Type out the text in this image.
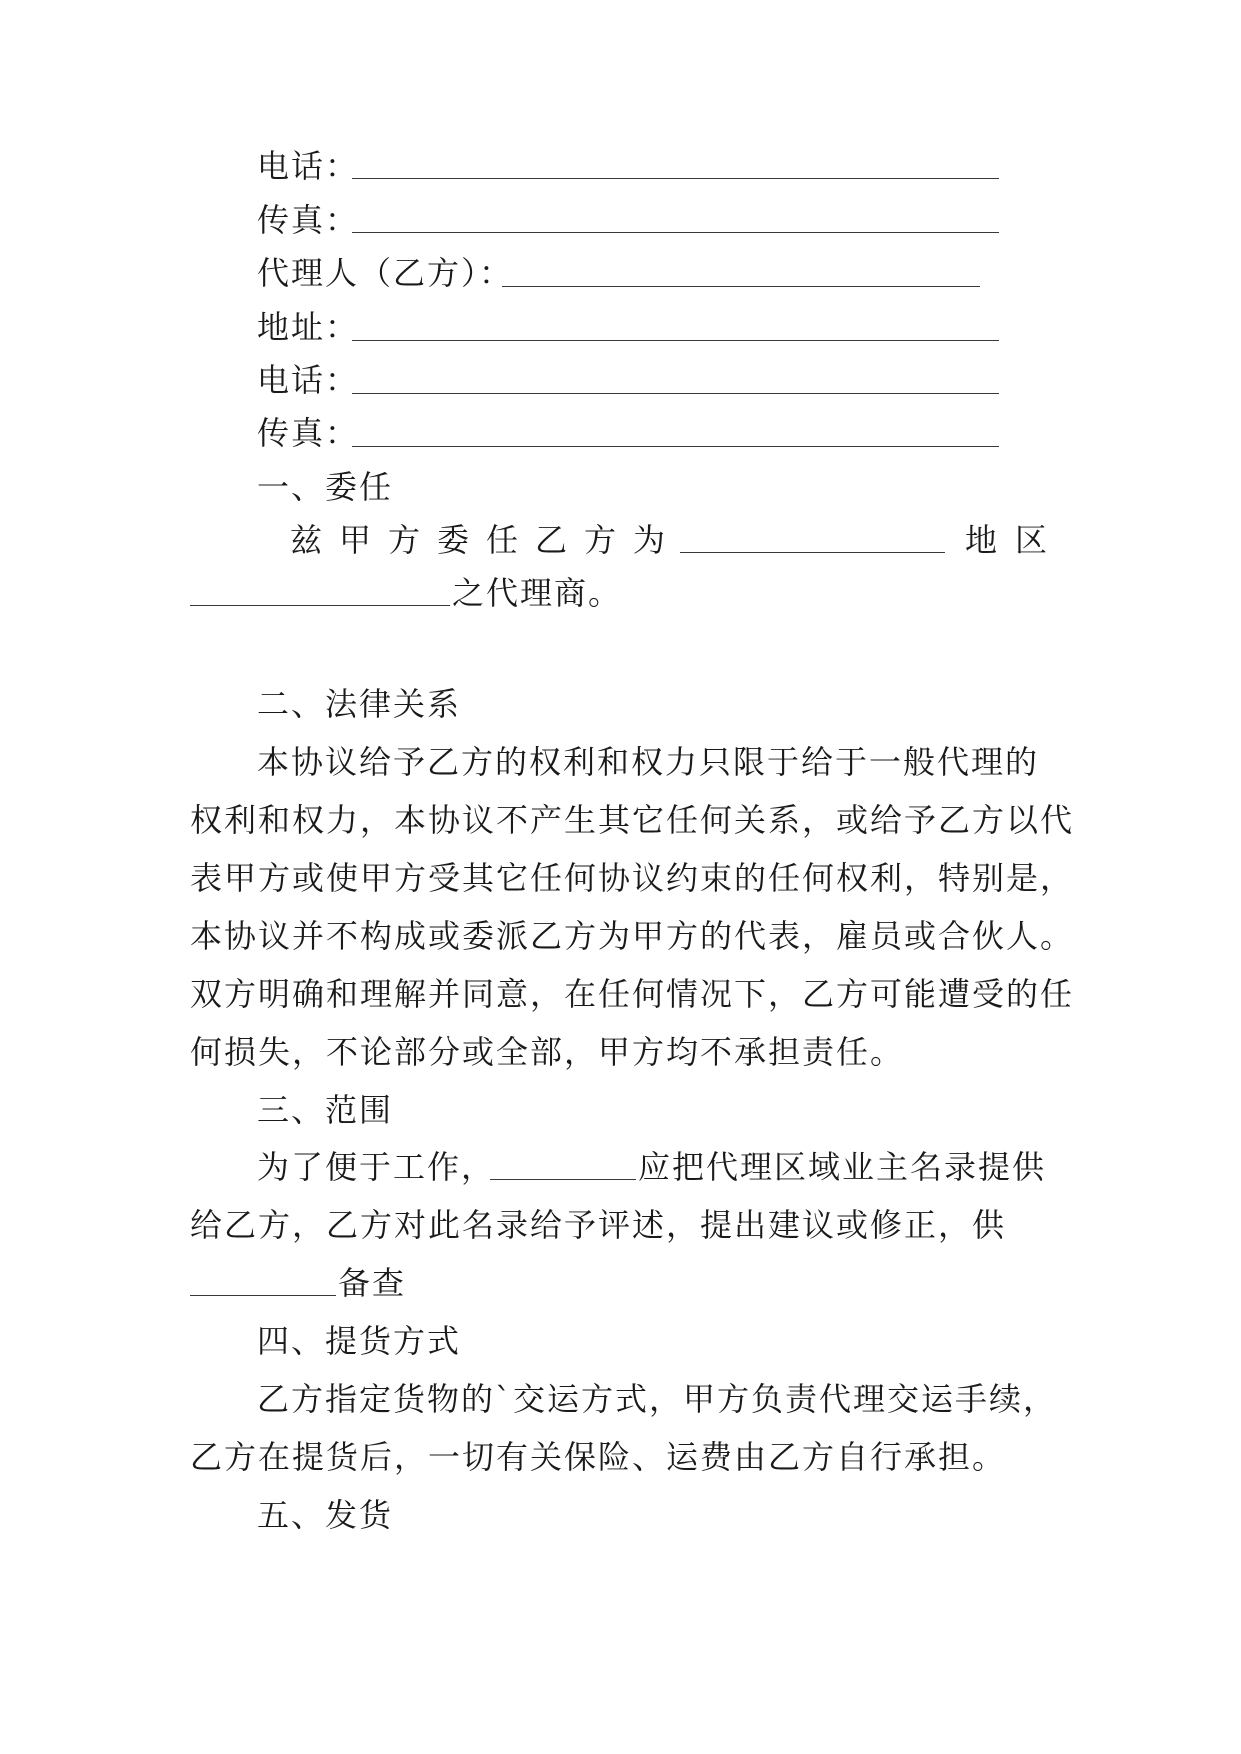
电话：
传真：
代理人（乙方）：
地址：
电话：
传真：
一、委任
兹 甲 方 委 任 乙 方 为	地 区
之代理商。
二、法律关系
本协议给予乙方的权利和权力只限于给于一般代理的
权利和权力，本协议不产生其它任何关系，或给予乙方以代
表甲方或使甲方受其它任何协议约束的任何权利，特别是，
本协议并不构成或委派乙方为甲方的代表，雇员或合伙人。
双方明确和理解并同意，在任何情况下，乙方可能遭受的任
何损失，不论部分或全部，甲方均不承担责任。
三、范围
为了便于工作，	应把代理区域业主名录提供
给乙方，乙方对此名录给予评述，提出建议或修正，供
备查
四、提货方式
乙方指定货物的`交运方式，甲方负责代理交运手续，
乙方在提货后，一切有关保险、运费由乙方自行承担。
五、发货
